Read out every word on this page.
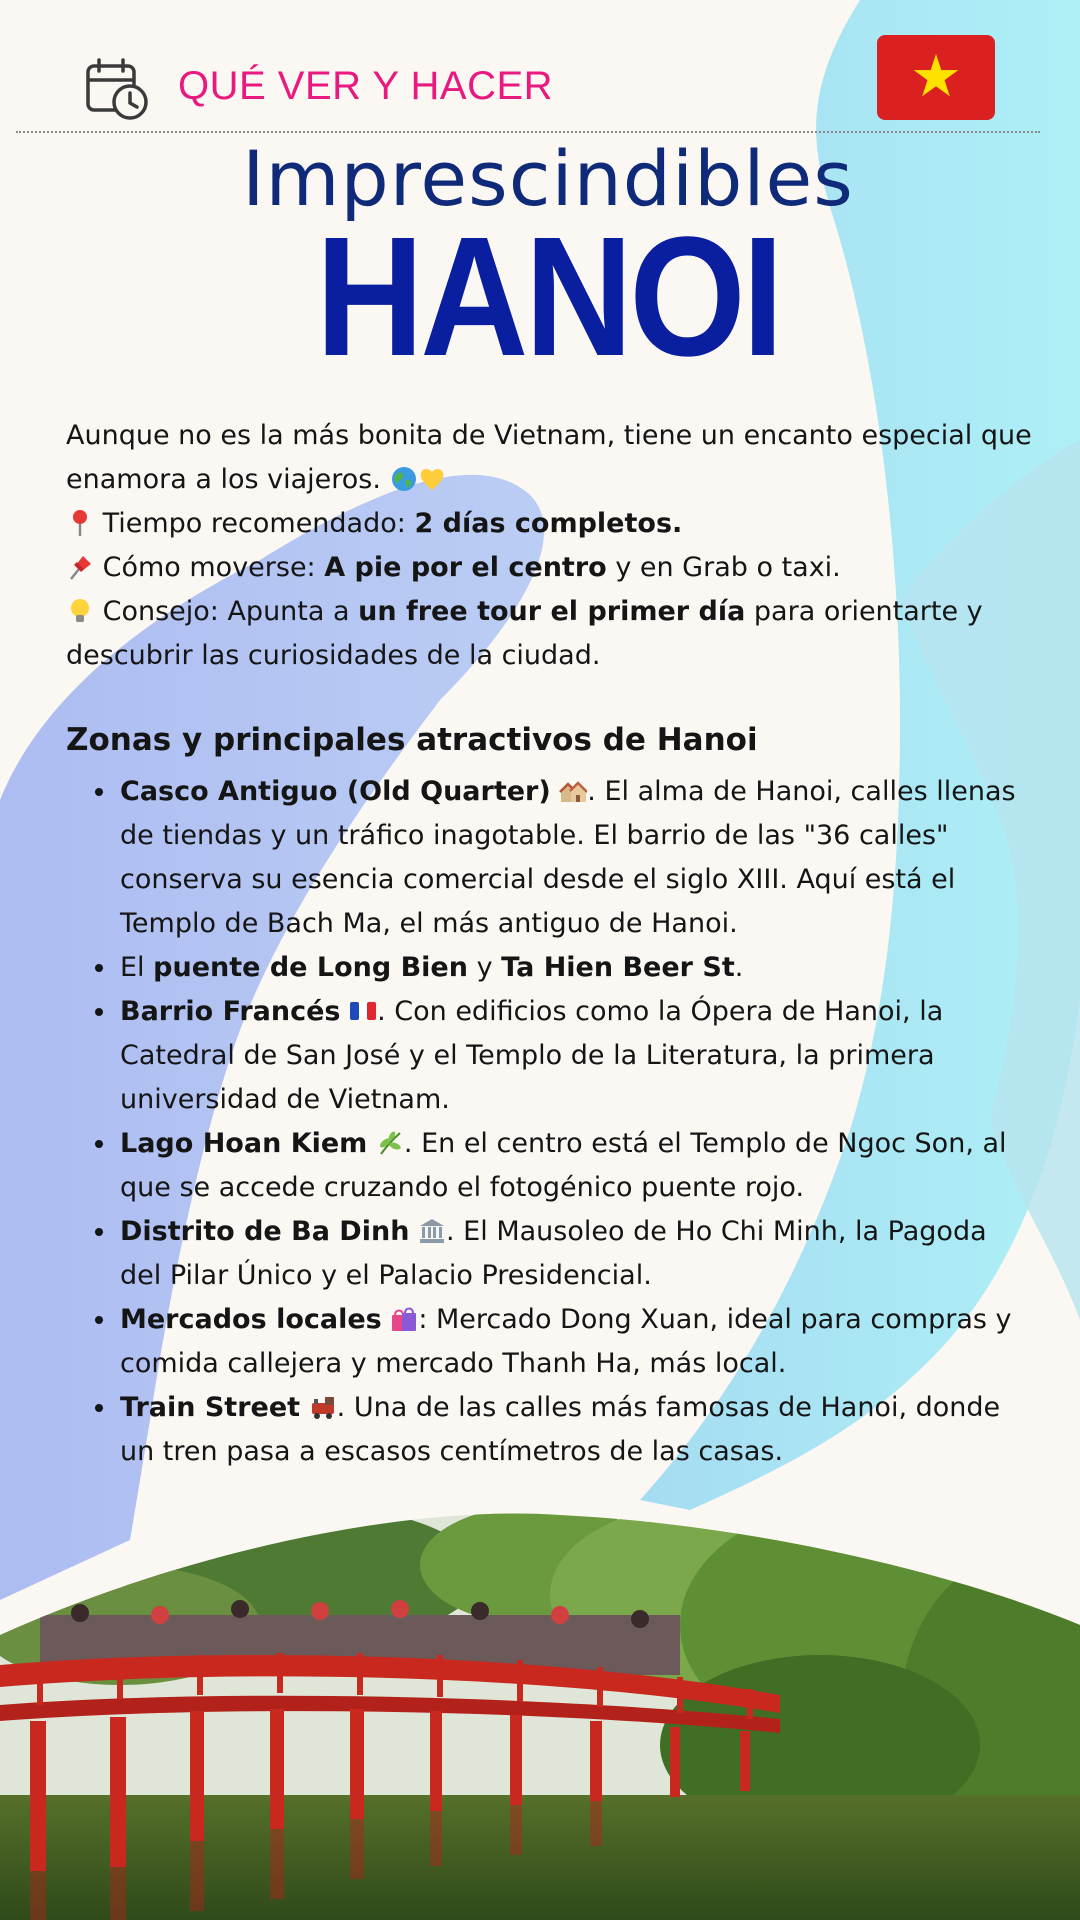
QUÉ VER Y HACER	★
Imprescindibles
HANOI

Aunque no es la más bonita de Vietnam, tiene un encanto especial que enamora a los viajeros.

Tiempo recomendado: 2 días completos.

Cómo moverse: A pie por el centro y en Grab o taxi.

Consejo: Apunta a un free tour el primer día para orientarte y descubrir las curiosidades de la ciudad.

Zonas y principales atractivos de Hanoi
Casco Antiguo (Old Quarter) . El alma de Hanoi, calles llenas de tiendas y un tráfico inagotable. El barrio de las "36 calles" conserva su esencia comercial desde el siglo XIII. Aquí está el Templo de Bach Ma, el más antiguo de Hanoi.
El puente de Long Bien y Ta Hien Beer St.
Barrio Francés . Con edificios como la Ópera de Hanoi, la Catedral de San José y el Templo de la Literatura, la primera universidad de Vietnam.
Lago Hoan Kiem . En el centro está el Templo de Ngoc Son, al que se accede cruzando el fotogénico puente rojo.
Distrito de Ba Dinh . El Mausoleo de Ho Chi Minh, la Pagoda del Pilar Único y el Palacio Presidencial.
Mercados locales : Mercado Dong Xuan, ideal para compras y comida callejera y mercado Thanh Ha, más local.
Train Street . Una de las calles más famosas de Hanoi, donde un tren pasa a escasos centímetros de las casas.
